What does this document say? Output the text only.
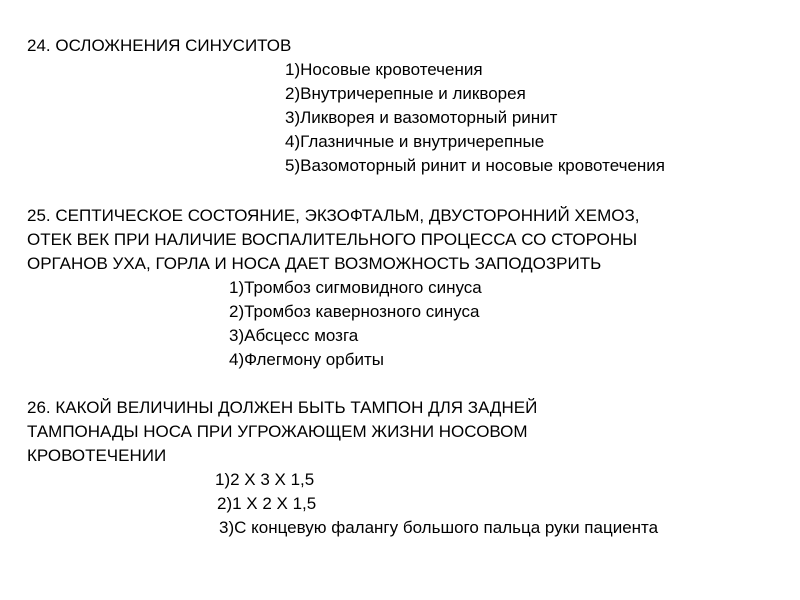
24. ОСЛОЖНЕНИЯ СИНУСИТОВ
1)Носовые кровотечения
2)Внутричерепные и ликворея
3)Ликворея и вазомоторный ринит
4)Глазничные и внутричерепные
5)Вазомоторный ринит и носовые кровотечения
25. СЕПТИЧЕСКОЕ СОСТОЯНИЕ, ЭКЗОФТАЛЬМ, ДВУСТОРОННИЙ ХЕМОЗ,
ОТЕК ВЕК ПРИ НАЛИЧИЕ ВОСПАЛИТЕЛЬНОГО ПРОЦЕССА СО СТОРОНЫ
ОРГАНОВ УХА, ГОРЛА И НОСА ДАЕТ ВОЗМОЖНОСТЬ ЗАПОДОЗРИТЬ
1)Тромбоз сигмовидного синуса
2)Тромбоз кавернозного синуса
3)Абсцесс мозга
4)Флегмону орбиты
26. КАКОЙ ВЕЛИЧИНЫ ДОЛЖЕН БЫТЬ ТАМПОН ДЛЯ ЗАДНЕЙ
ТАМПОНАДЫ НОСА ПРИ УГРОЖАЮЩЕМ ЖИЗНИ НОСОВОМ
КРОВОТЕЧЕНИИ
1)2 X 3 X 1,5
2)1 X 2 X 1,5
3)С концевую фалангу большого пальца руки пациента
